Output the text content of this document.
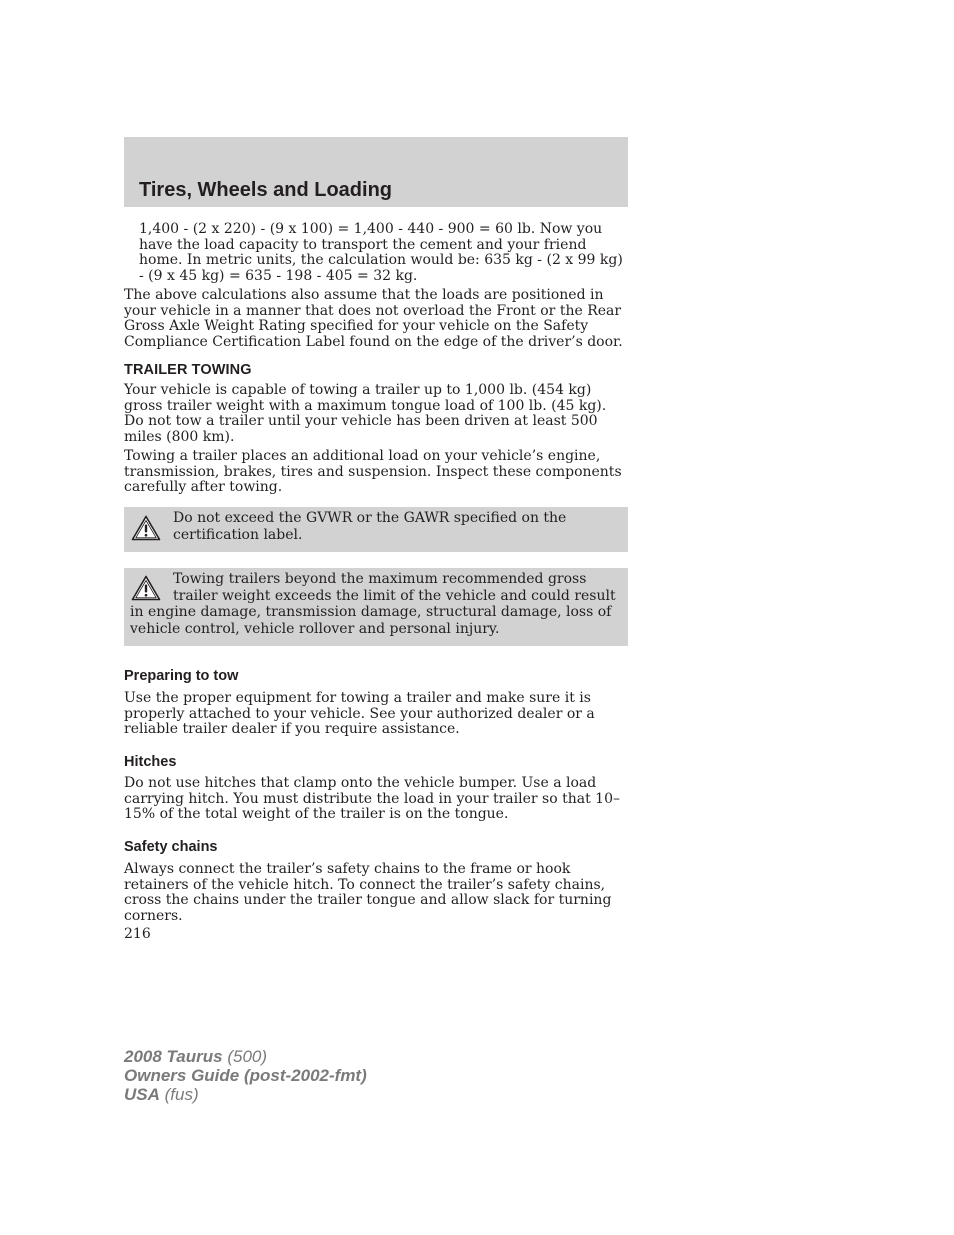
Tires, Wheels and Loading

1,400 - (2 x 220) - (9 x 100) = 1,400 - 440 - 900 = 60 lb. Now you have the load capacity to transport the cement and your friend home. In metric units, the calculation would be: 635 kg - (2 x 99 kg) - (9 x 45 kg) = 635 - 198 - 405 = 32 kg.

The above calculations also assume that the loads are positioned in your vehicle in a manner that does not overload the Front or the Rear Gross Axle Weight Rating specified for your vehicle on the Safety Compliance Certification Label found on the edge of the driver’s door.

TRAILER TOWING

Your vehicle is capable of towing a trailer up to 1,000 lb. (454 kg) gross trailer weight with a maximum tongue load of 100 lb. (45 kg). Do not tow a trailer until your vehicle has been driven at least 500 miles (800 km).

Towing a trailer places an additional load on your vehicle’s engine, transmission, brakes, tires and suspension. Inspect these components carefully after towing.

Do not exceed the GVWR or the GAWR specified on the certification label.

Towing trailers beyond the maximum recommended gross trailer weight exceeds the limit of the vehicle and could result in engine damage, transmission damage, structural damage, loss of vehicle control, vehicle rollover and personal injury.

Preparing to tow

Use the proper equipment for towing a trailer and make sure it is properly attached to your vehicle. See your authorized dealer or a reliable trailer dealer if you require assistance.

Hitches

Do not use hitches that clamp onto the vehicle bumper. Use a load carrying hitch. You must distribute the load in your trailer so that 10–15% of the total weight of the trailer is on the tongue.

Safety chains

Always connect the trailer’s safety chains to the frame or hook retainers of the vehicle hitch. To connect the trailer’s safety chains, cross the chains under the trailer tongue and allow slack for turning corners.

216

2008 Taurus (500)
Owners Guide (post-2002-fmt)
USA (fus)
